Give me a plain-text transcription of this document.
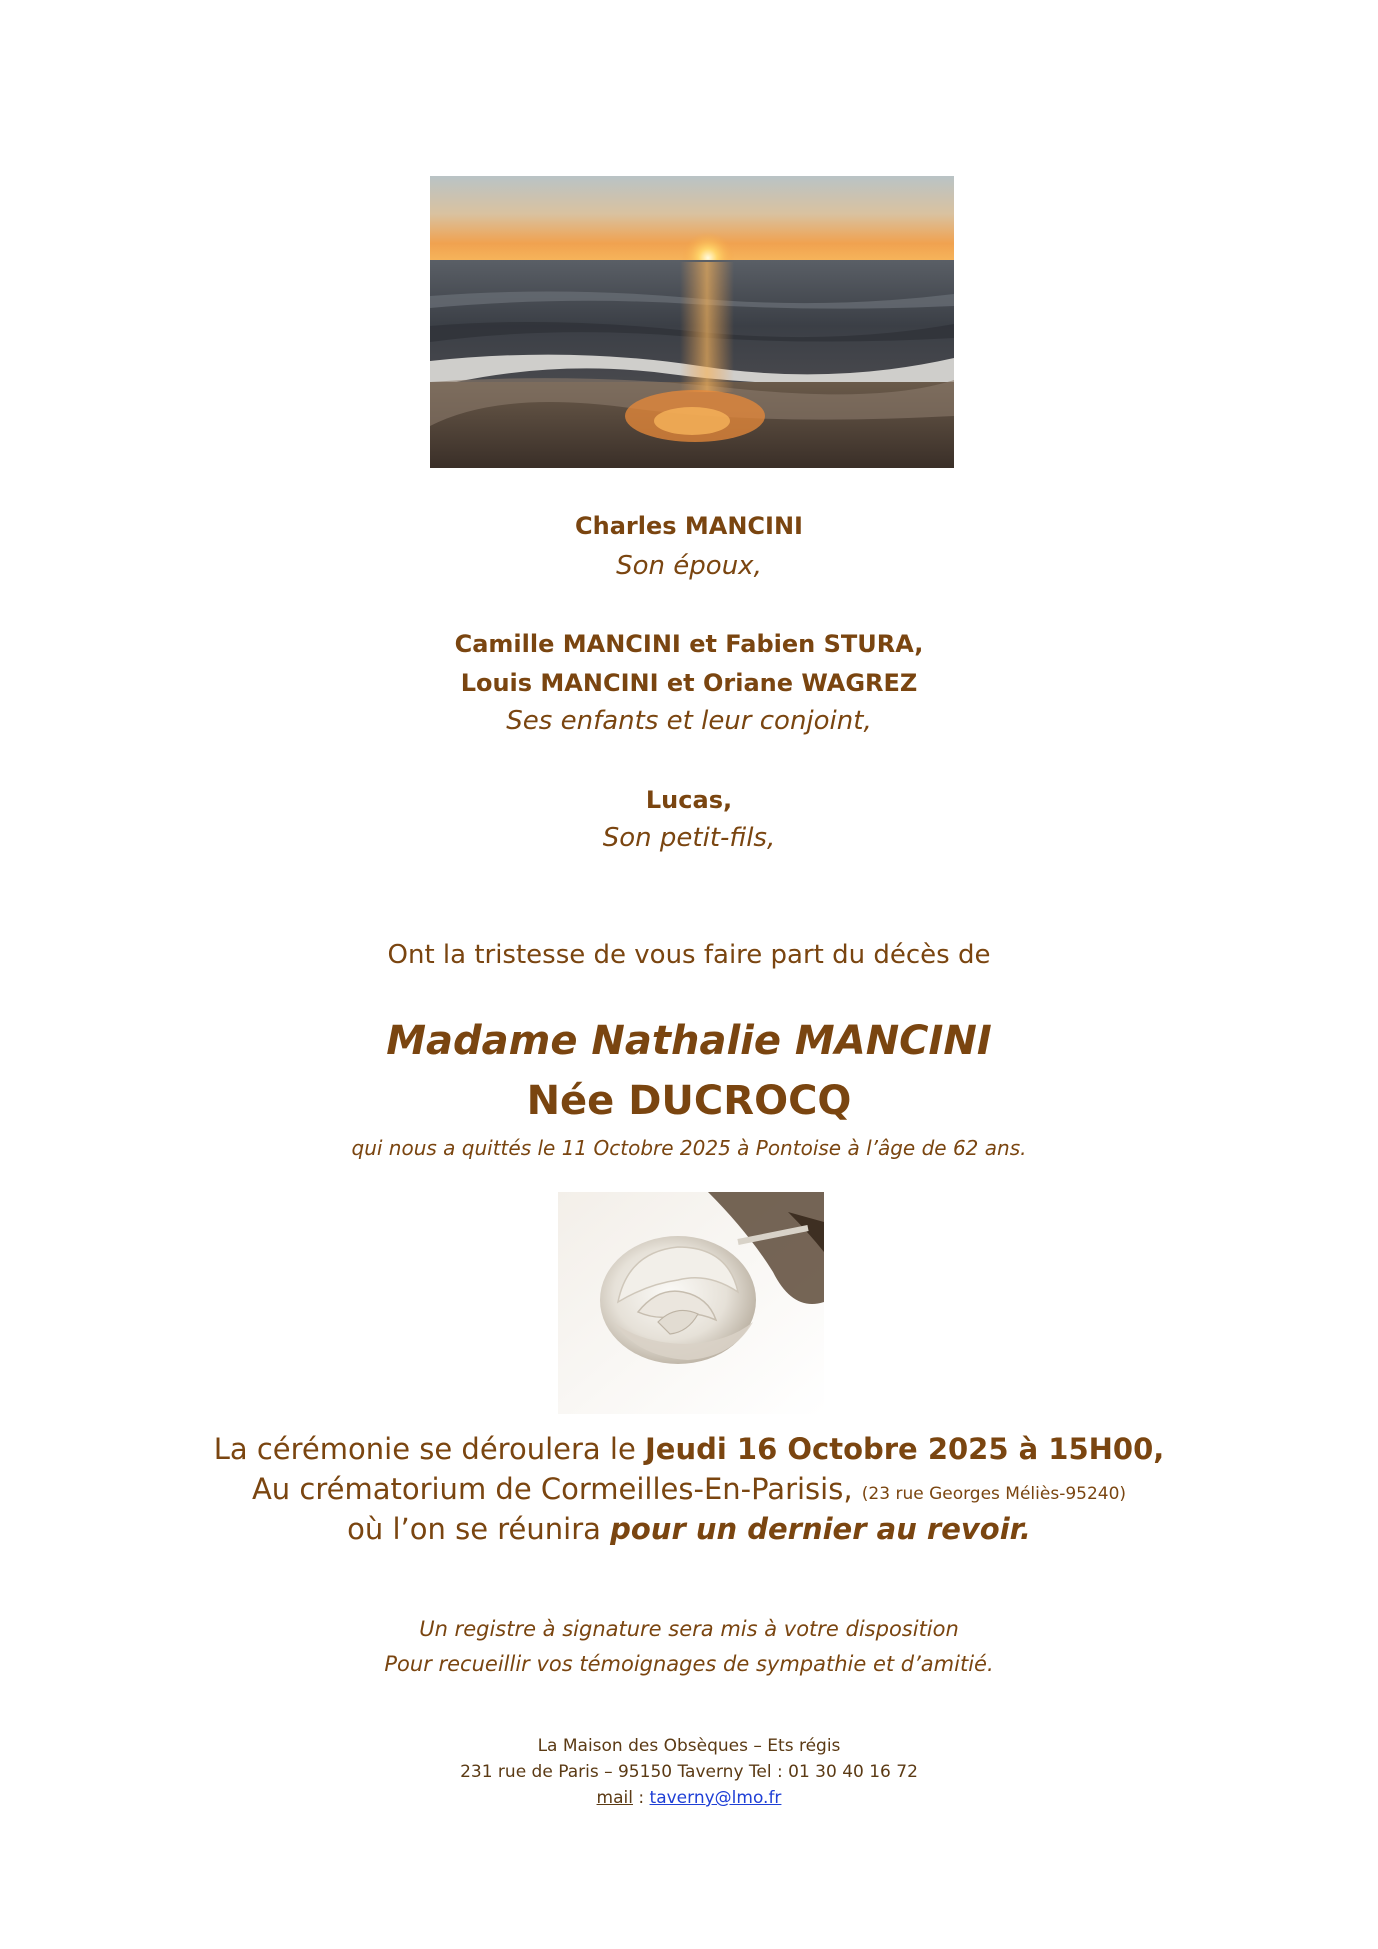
Charles MANCINI
Son époux,
Camille MANCINI et Fabien STURA,
Louis MANCINI et Oriane WAGREZ
Ses enfants et leur conjoint,
Lucas,
Son petit-fils,
Ont la tristesse de vous faire part du décès de
Madame Nathalie MANCINI
Née DUCROCQ
qui nous a quittés le 11 Octobre 2025 à Pontoise à l’âge de 62 ans.
La cérémonie se déroulera le Jeudi 16 Octobre 2025 à 15H00,
Au crématorium de Cormeilles-En-Parisis, (23 rue Georges Méliès-95240)
où l’on se réunira pour un dernier au revoir.
Un registre à signature sera mis à votre disposition
Pour recueillir vos témoignages de sympathie et d’amitié.
La Maison des Obsèques – Ets régis
231 rue de Paris – 95150 Taverny Tel : 01 30 40 16 72
mail : taverny@lmo.fr
